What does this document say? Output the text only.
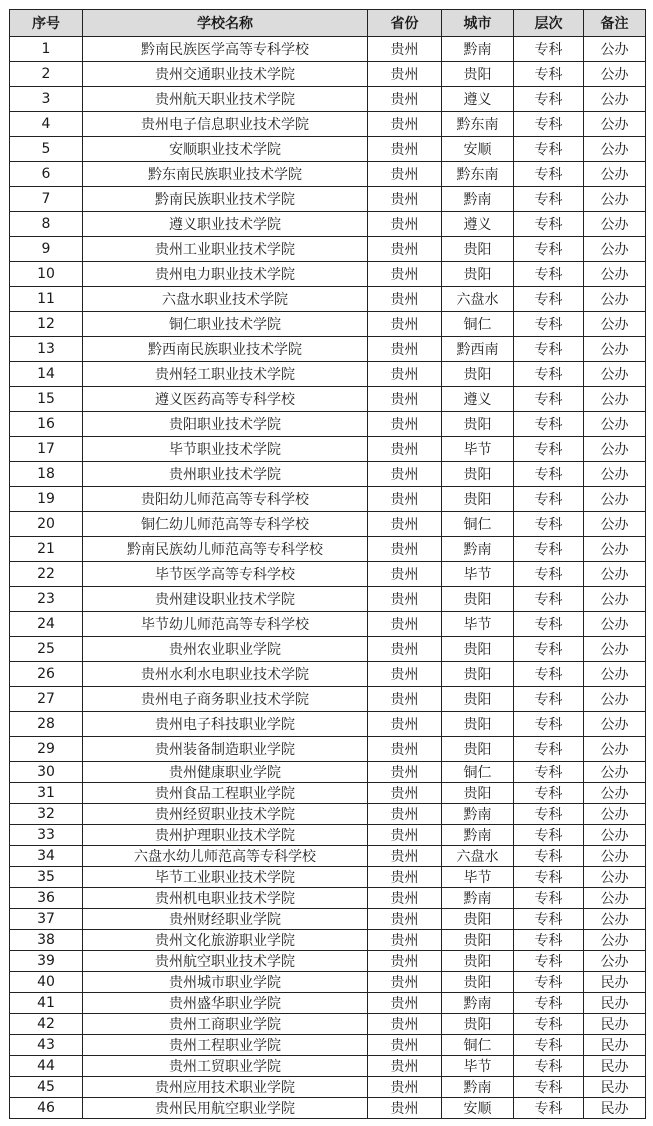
序号	学校名称	省份	城市	层次	备注
1	黔南民族医学高等专科学校	贵州	黔南	专科	公办
2	贵州交通职业技术学院	贵州	贵阳	专科	公办
3	贵州航天职业技术学院	贵州	遵义	专科	公办
4	贵州电子信息职业技术学院	贵州	黔东南	专科	公办
5	安顺职业技术学院	贵州	安顺	专科	公办
6	黔东南民族职业技术学院	贵州	黔东南	专科	公办
7	黔南民族职业技术学院	贵州	黔南	专科	公办
8	遵义职业技术学院	贵州	遵义	专科	公办
9	贵州工业职业技术学院	贵州	贵阳	专科	公办
10	贵州电力职业技术学院	贵州	贵阳	专科	公办
11	六盘水职业技术学院	贵州	六盘水	专科	公办
12	铜仁职业技术学院	贵州	铜仁	专科	公办
13	黔西南民族职业技术学院	贵州	黔西南	专科	公办
14	贵州轻工职业技术学院	贵州	贵阳	专科	公办
15	遵义医药高等专科学校	贵州	遵义	专科	公办
16	贵阳职业技术学院	贵州	贵阳	专科	公办
17	毕节职业技术学院	贵州	毕节	专科	公办
18	贵州职业技术学院	贵州	贵阳	专科	公办
19	贵阳幼儿师范高等专科学校	贵州	贵阳	专科	公办
20	铜仁幼儿师范高等专科学校	贵州	铜仁	专科	公办
21	黔南民族幼儿师范高等专科学校	贵州	黔南	专科	公办
22	毕节医学高等专科学校	贵州	毕节	专科	公办
23	贵州建设职业技术学院	贵州	贵阳	专科	公办
24	毕节幼儿师范高等专科学校	贵州	毕节	专科	公办
25	贵州农业职业学院	贵州	贵阳	专科	公办
26	贵州水利水电职业技术学院	贵州	贵阳	专科	公办
27	贵州电子商务职业技术学院	贵州	贵阳	专科	公办
28	贵州电子科技职业学院	贵州	贵阳	专科	公办
29	贵州装备制造职业学院	贵州	贵阳	专科	公办
30	贵州健康职业学院	贵州	铜仁	专科	公办
31	贵州食品工程职业学院	贵州	贵阳	专科	公办
32	贵州经贸职业技术学院	贵州	黔南	专科	公办
33	贵州护理职业技术学院	贵州	黔南	专科	公办
34	六盘水幼儿师范高等专科学校	贵州	六盘水	专科	公办
35	毕节工业职业技术学院	贵州	毕节	专科	公办
36	贵州机电职业技术学院	贵州	黔南	专科	公办
37	贵州财经职业学院	贵州	贵阳	专科	公办
38	贵州文化旅游职业学院	贵州	贵阳	专科	公办
39	贵州航空职业技术学院	贵州	贵阳	专科	公办
40	贵州城市职业学院	贵州	贵阳	专科	民办
41	贵州盛华职业学院	贵州	黔南	专科	民办
42	贵州工商职业学院	贵州	贵阳	专科	民办
43	贵州工程职业学院	贵州	铜仁	专科	民办
44	贵州工贸职业学院	贵州	毕节	专科	民办
45	贵州应用技术职业学院	贵州	黔南	专科	民办
46	贵州民用航空职业学院	贵州	安顺	专科	民办
